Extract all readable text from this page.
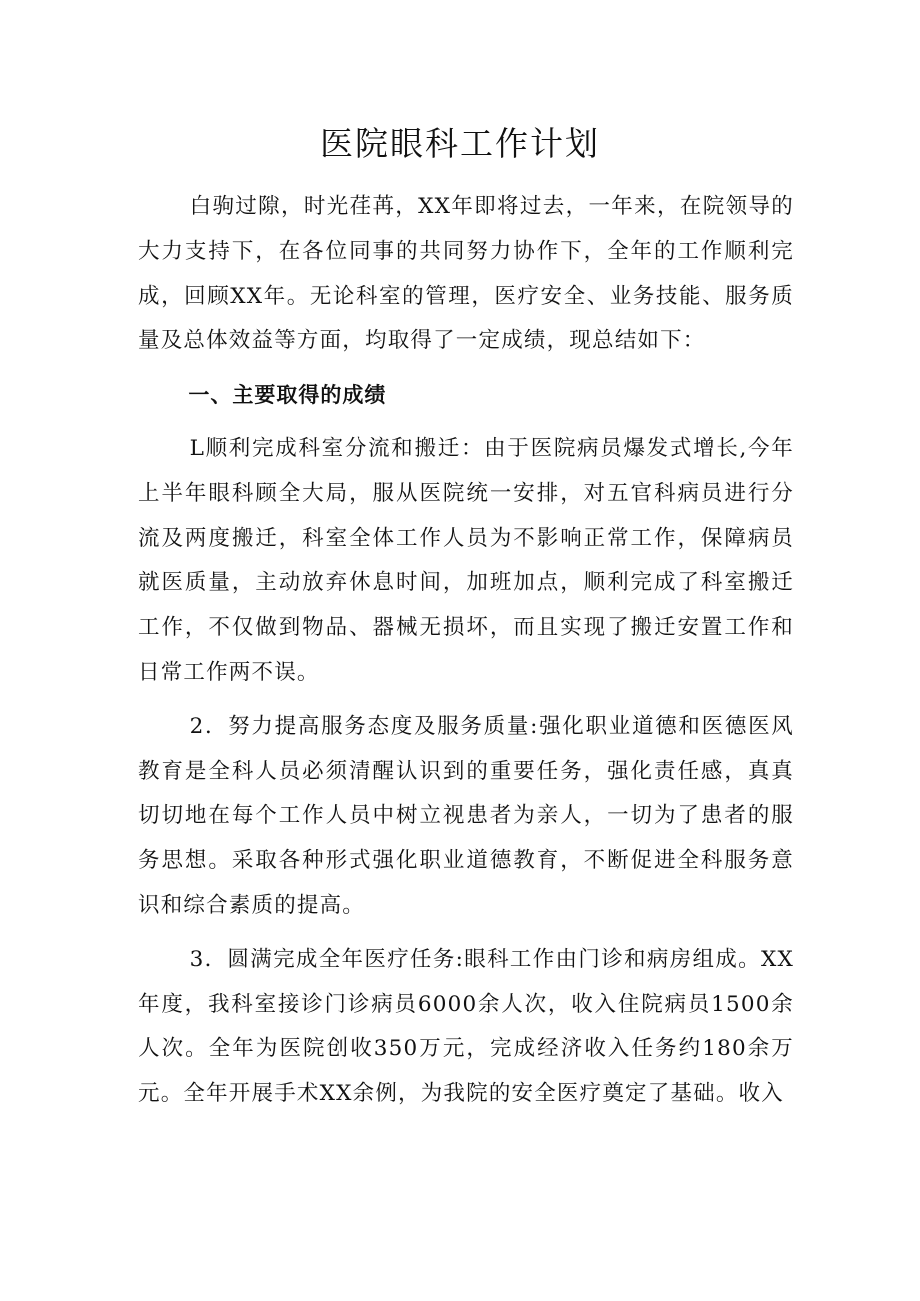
医院眼科工作计划

白驹过隙，时光荏苒，XX年即将过去，一年来，在院领导的大力支持下，在各位同事的共同努力协作下，全年的工作顺利完成，回顾XX年。无论科室的管理，医疗安全、业务技能、服务质量及总体效益等方面，均取得了一定成绩，现总结如下：

一、主要取得的成绩

L顺利完成科室分流和搬迁：由于医院病员爆发式增长,今年上半年眼科顾全大局，服从医院统一安排，对五官科病员进行分流及两度搬迁，科室全体工作人员为不影响正常工作，保障病员就医质量，主动放弃休息时间，加班加点，顺利完成了科室搬迁工作，不仅做到物品、器械无损坏，而且实现了搬迁安置工作和日常工作两不误。

2．努力提高服务态度及服务质量:强化职业道德和医德医风教育是全科人员必须清醒认识到的重要任务，强化责任感，真真切切地在每个工作人员中树立视患者为亲人，一切为了患者的服务思想。采取各种形式强化职业道德教育，不断促进全科服务意识和综合素质的提高。

3．圆满完成全年医疗任务:眼科工作由门诊和病房组成。XX年度，我科室接诊门诊病员6000余人次，收入住院病员1500余人次。全年为医院创收350万元，完成经济收入任务约180余万元。全年开展手术XX余例，为我院的安全医疗奠定了基础。收入
